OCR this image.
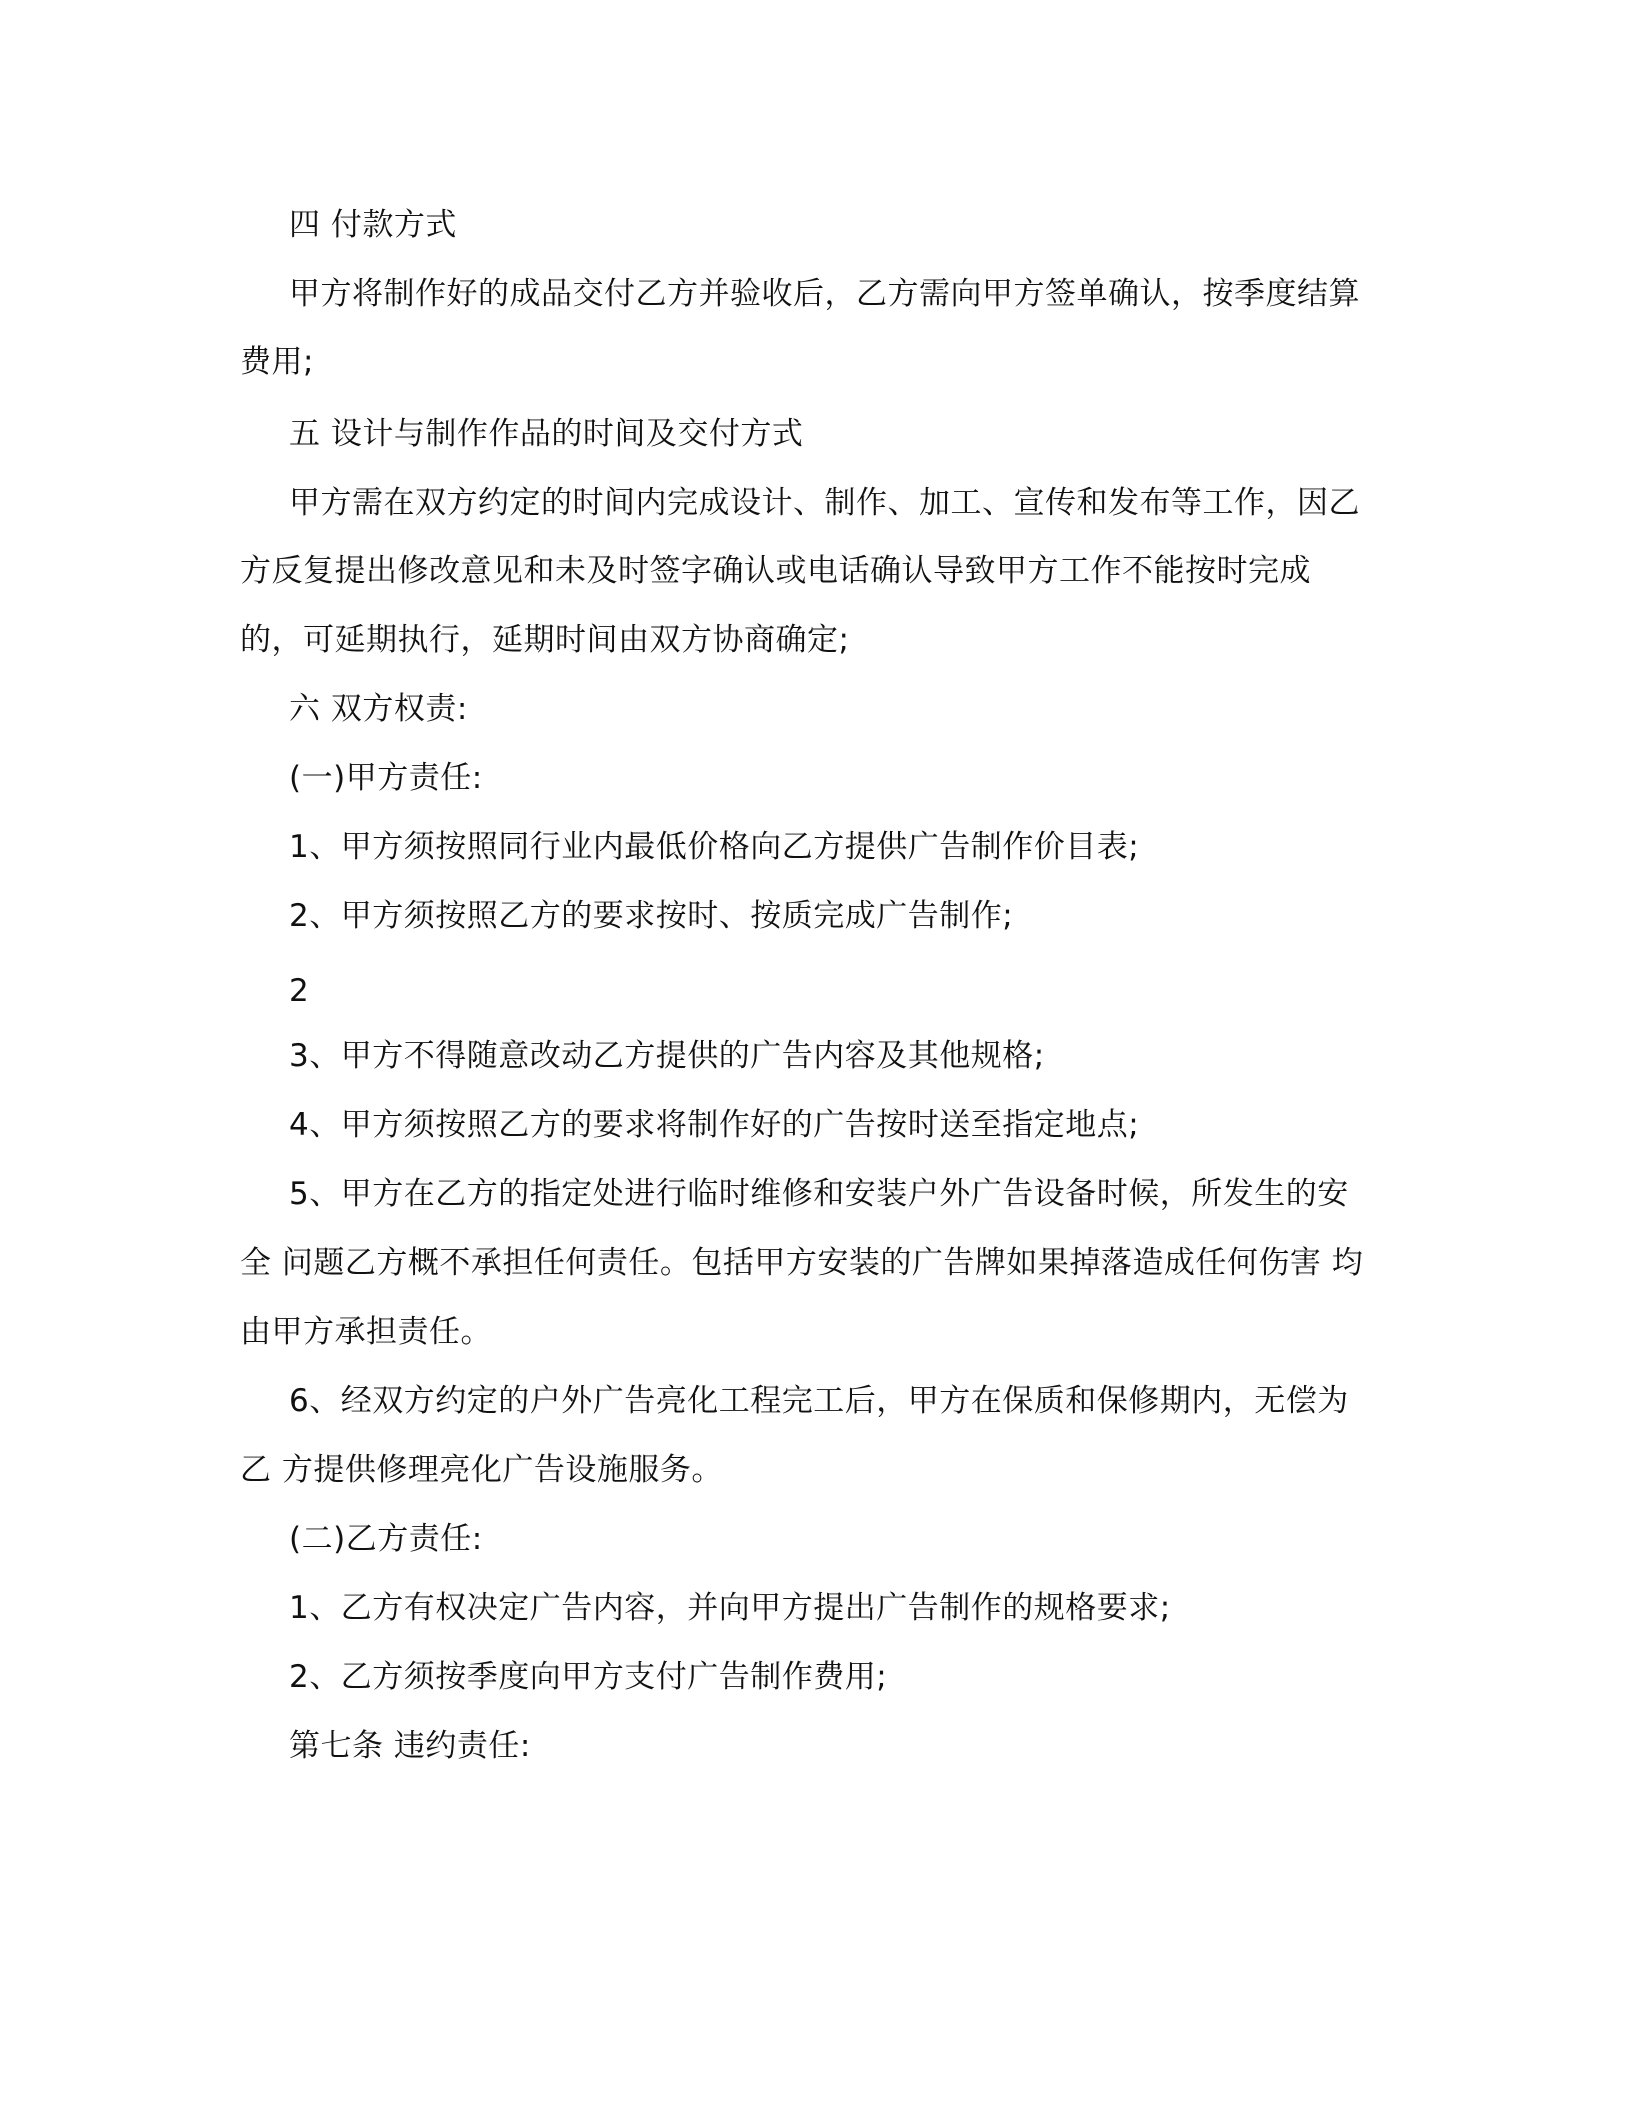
四 付款方式
甲方将制作好的成品交付乙方并验收后，乙方需向甲方签单确认，按季度结算
费用;
五 设计与制作作品的时间及交付方式
甲方需在双方约定的时间内完成设计、制作、加工、宣传和发布等工作，因乙
方反复提出修改意见和未及时签字确认或电话确认导致甲方工作不能按时完成
的，可延期执行，延期时间由双方协商确定;
六 双方权责:
(一)甲方责任:
1、甲方须按照同行业内最低价格向乙方提供广告制作价目表;
2、甲方须按照乙方的要求按时、按质完成广告制作;
2
3、甲方不得随意改动乙方提供的广告内容及其他规格;
4、甲方须按照乙方的要求将制作好的广告按时送至指定地点;
5、甲方在乙方的指定处进行临时维修和安装户外广告设备时候，所发生的安
全 问题乙方概不承担任何责任。包括甲方安装的广告牌如果掉落造成任何伤害 均
由甲方承担责任。
6、经双方约定的户外广告亮化工程完工后，甲方在保质和保修期内，无偿为
乙 方提供修理亮化广告设施服务。
(二)乙方责任:
1、乙方有权决定广告内容，并向甲方提出广告制作的规格要求;
2、乙方须按季度向甲方支付广告制作费用;
第七条 违约责任:
